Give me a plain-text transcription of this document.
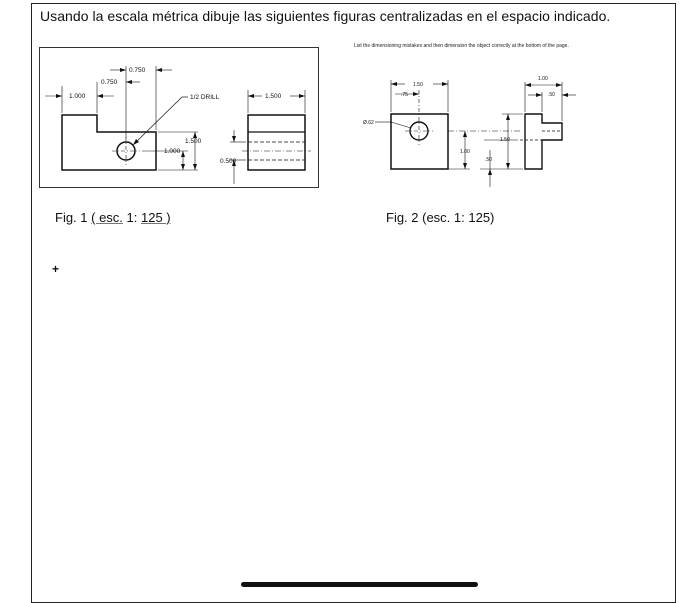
Usando la escala métrica dibuje las siguientes figuras centralizadas en el espacio indicado.
0.750
0.750
1.000	1/2 DRILL	1.500
1.500
1.000
0.500
1.50
.75
Ø.62
1.00
1.50
.50
1.00
.50
List the dimensioning mistakes and then dimension the object correctly at the bottom of the page.
Fig. 1 ( esc. 1: 125 )	Fig. 2 (esc. 1: 125)
+
